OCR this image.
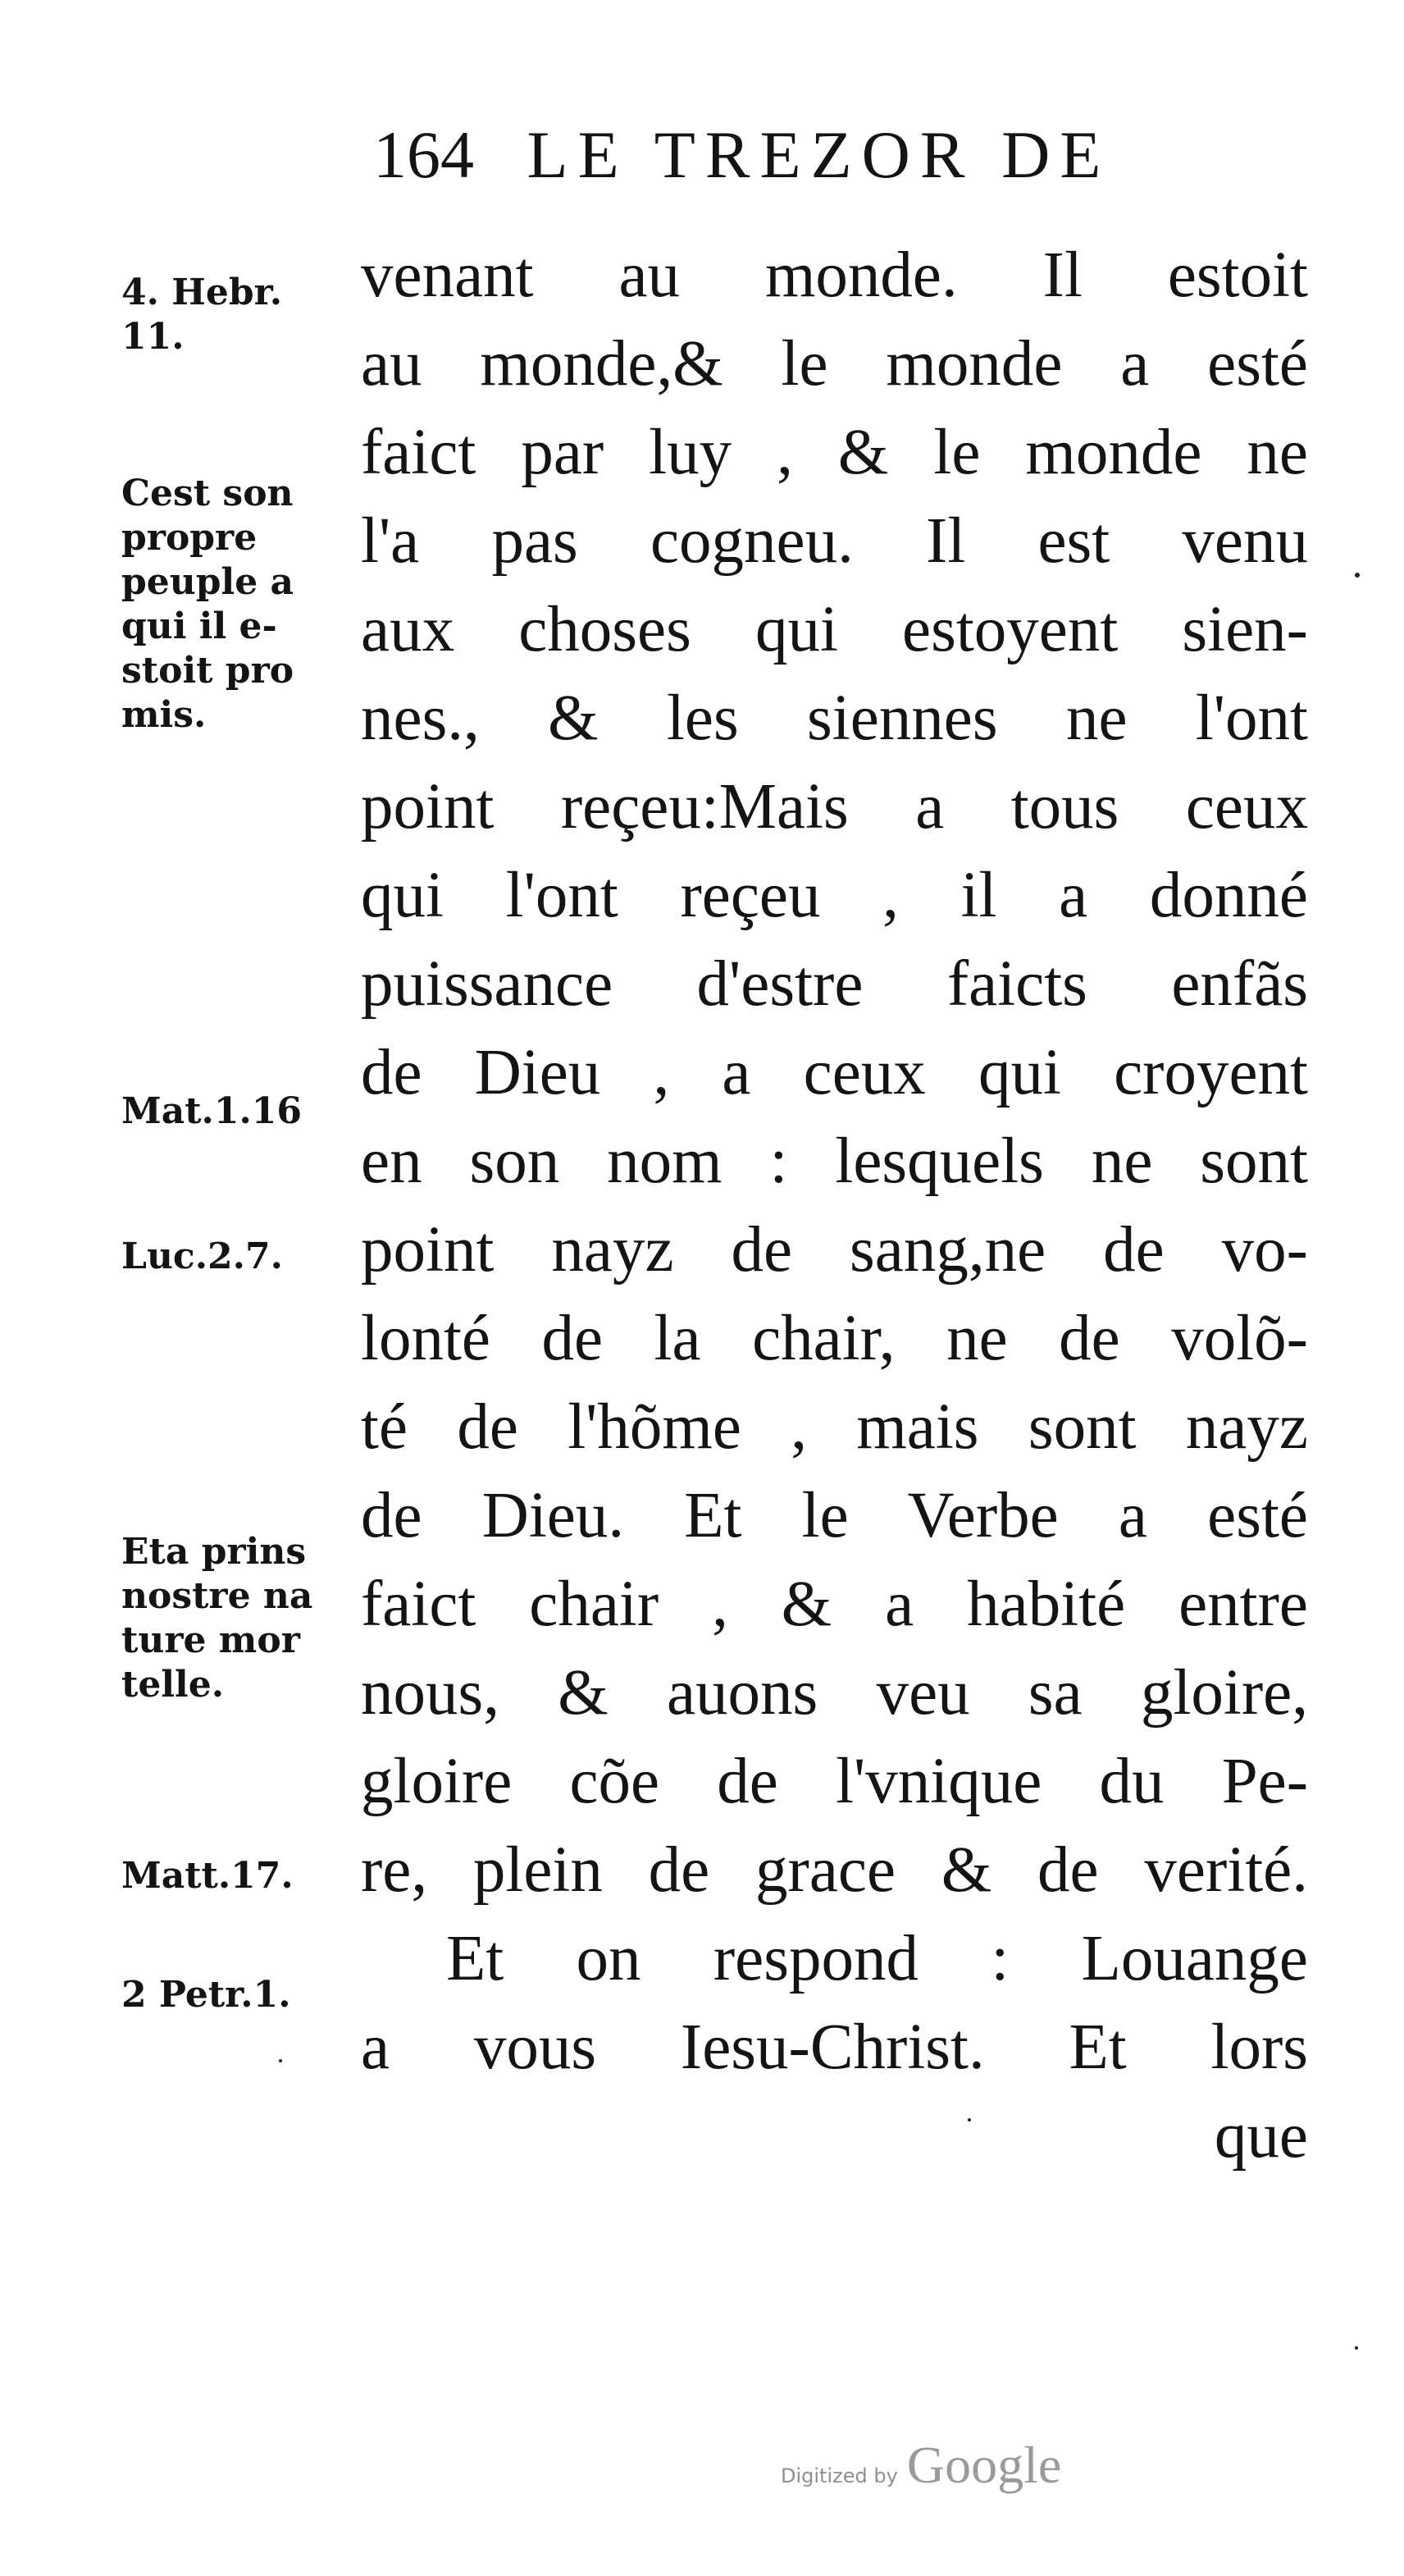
164 LE TREZOR DE
venant au monde. Il estoit
au monde,& le monde a esté
faict par luy , & le monde ne
l'a pas cogneu. Il est venu
aux choses qui estoyent sien-
nes., & les siennes ne l'ont
point reçeu:Mais a tous ceux
qui l'ont reçeu , il a donné
puissance d'estre faicts enfãs
de Dieu , a ceux qui croyent
en son nom : lesquels ne sont
point nayz de sang,ne de vo-
lonté de la chair, ne de volõ-
té de l'hõme , mais sont nayz
de Dieu. Et le Verbe a esté
faict chair , & a habité entre
nous, & auons veu sa gloire,
gloire cõe de l'vnique du Pe-
re, plein de grace & de verité.
Et on respond : Louange
a vous Iesu-Christ. Et lors
que
4. Hebr.
11.
Cest son
propre
peuple a
qui il e-
stoit pro
mis.
Mat.1.16
Luc.2.7.
Eta prins
nostre na
ture mor
telle.
Matt.17.
2 Petr.1.
Digitized by Google
